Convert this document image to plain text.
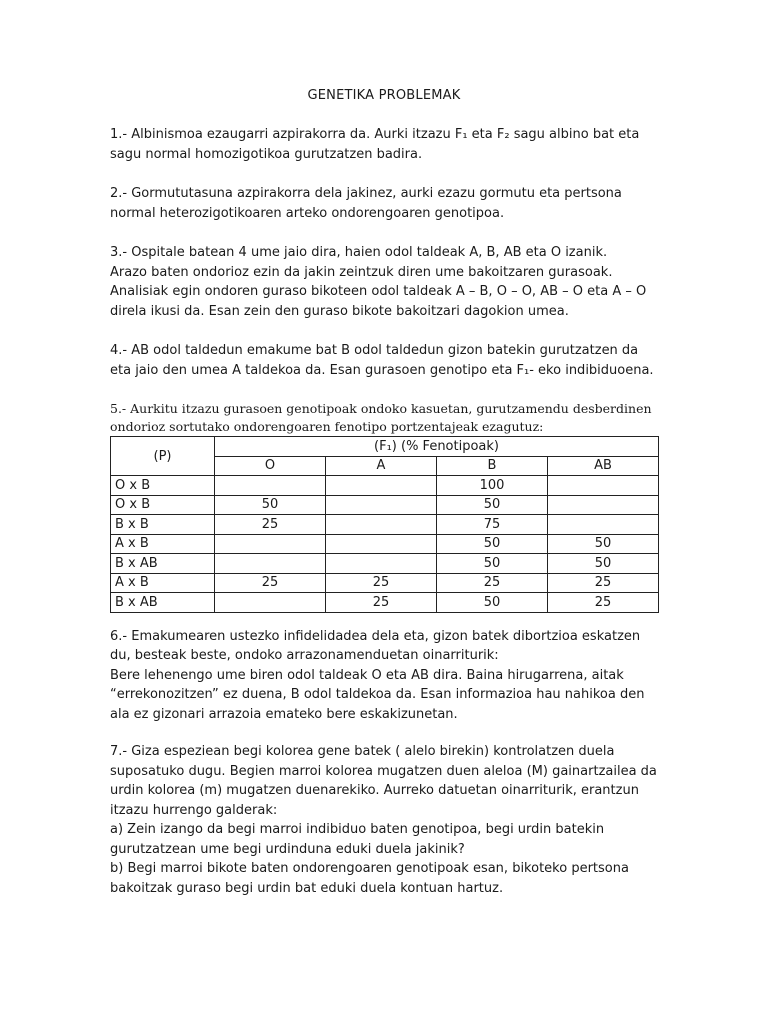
GENETIKA PROBLEMAK
1.- Albinismoa ezaugarri azpirakorra da. Aurki itzazu F₁ eta F₂ sagu albino bat eta
sagu normal homozigotikoa gurutzatzen badira.
2.- Gormututasuna azpirakorra dela jakinez, aurki ezazu gormutu eta pertsona
normal heterozigotikoaren arteko ondorengoaren genotipoa.
3.- Ospitale batean 4 ume jaio dira, haien odol taldeak A, B, AB eta O izanik.
Arazo baten ondorioz ezin da jakin zeintzuk diren ume bakoitzaren gurasoak.
Analisiak egin ondoren guraso bikoteen odol taldeak A – B, O – O, AB – O eta A – O
direla ikusi da. Esan zein den guraso bikote bakoitzari dagokion umea.
4.- AB odol taldedun emakume bat B odol taldedun gizon batekin gurutzatzen da
eta jaio den umea A taldekoa da. Esan gurasoen genotipo eta F₁- eko indibiduoena.
5.- Aurkitu itzazu gurasoen genotipoak ondoko kasuetan, gurutzamendu desberdinen
ondorioz sortutako ondorengoaren fenotipo portzentajeak ezagutuz:
(P)	(F₁) (% Fenotipoak)			
	O	A	B	AB
O x B			100	
O x B	50		50	
B x B	25		75	
A x B			50	50
B x AB			50	50
A x B	25	25	25	25
B x AB		25	50	25
6.- Emakumearen ustezko infidelidadea dela eta, gizon batek dibortzioa eskatzen
du, besteak beste, ondoko arrazonamenduetan oinarriturik:
Bere lehenengo ume biren odol taldeak O eta AB dira. Baina hirugarrena, aitak
“errekonozitzen” ez duena, B odol taldekoa da. Esan informazioa hau nahikoa den
ala ez gizonari arrazoia emateko bere eskakizunetan.
7.- Giza espeziean begi kolorea gene batek ( alelo birekin) kontrolatzen duela
suposatuko dugu. Begien marroi kolorea mugatzen duen aleloa (M) gainartzailea da
urdin kolorea (m) mugatzen duenarekiko. Aurreko datuetan oinarriturik, erantzun
itzazu hurrengo galderak:
a) Zein izango da begi marroi indibiduo baten genotipoa, begi urdin batekin
gurutzatzean ume begi urdinduna eduki duela jakinik?
b) Begi marroi bikote baten ondorengoaren genotipoak esan, bikoteko pertsona
bakoitzak guraso begi urdin bat eduki duela kontuan hartuz.
